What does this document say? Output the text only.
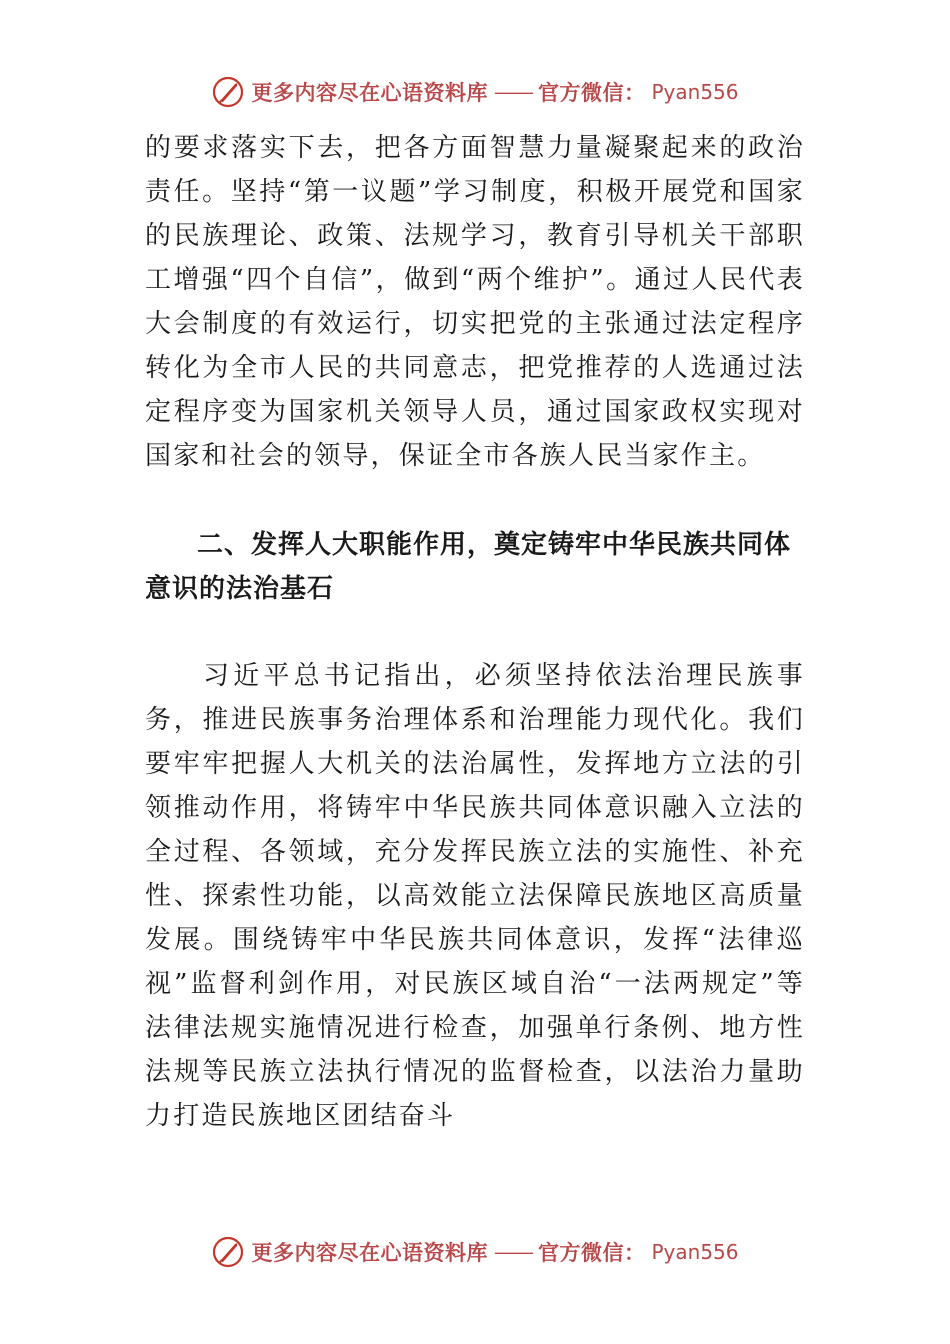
更多内容尽在心语资料库 —— 官方微信： Pyan556

的要求落实下去，把各方面智慧力量凝聚起来的政治责任。坚持“第一议题”学习制度，积极开展党和国家的民族理论、政策、法规学习，教育引导机关干部职工增强“四个自信”，做到“两个维护”。通过人民代表大会制度的有效运行，切实把党的主张通过法定程序转化为全市人民的共同意志，把党推荐的人选通过法定程序变为国家机关领导人员，通过国家政权实现对国家和社会的领导，保证全市各族人民当家作主。

二、发挥人大职能作用，奠定铸牢中华民族共同体意识的法治基石

习近平总书记指出，必须坚持依法治理民族事务，推进民族事务治理体系和治理能力现代化。我们要牢牢把握人大机关的法治属性，发挥地方立法的引领推动作用，将铸牢中华民族共同体意识融入立法的全过程、各领域，充分发挥民族立法的实施性、补充性、探索性功能，以高效能立法保障民族地区高质量发展。围绕铸牢中华民族共同体意识，发挥“法律巡视”监督利剑作用，对民族区域自治“一法两规定”等法律法规实施情况进行检查，加强单行条例、地方性法规等民族立法执行情况的监督检查，以法治力量助力打造民族地区团结奋斗

更多内容尽在心语资料库 —— 官方微信： Pyan556
